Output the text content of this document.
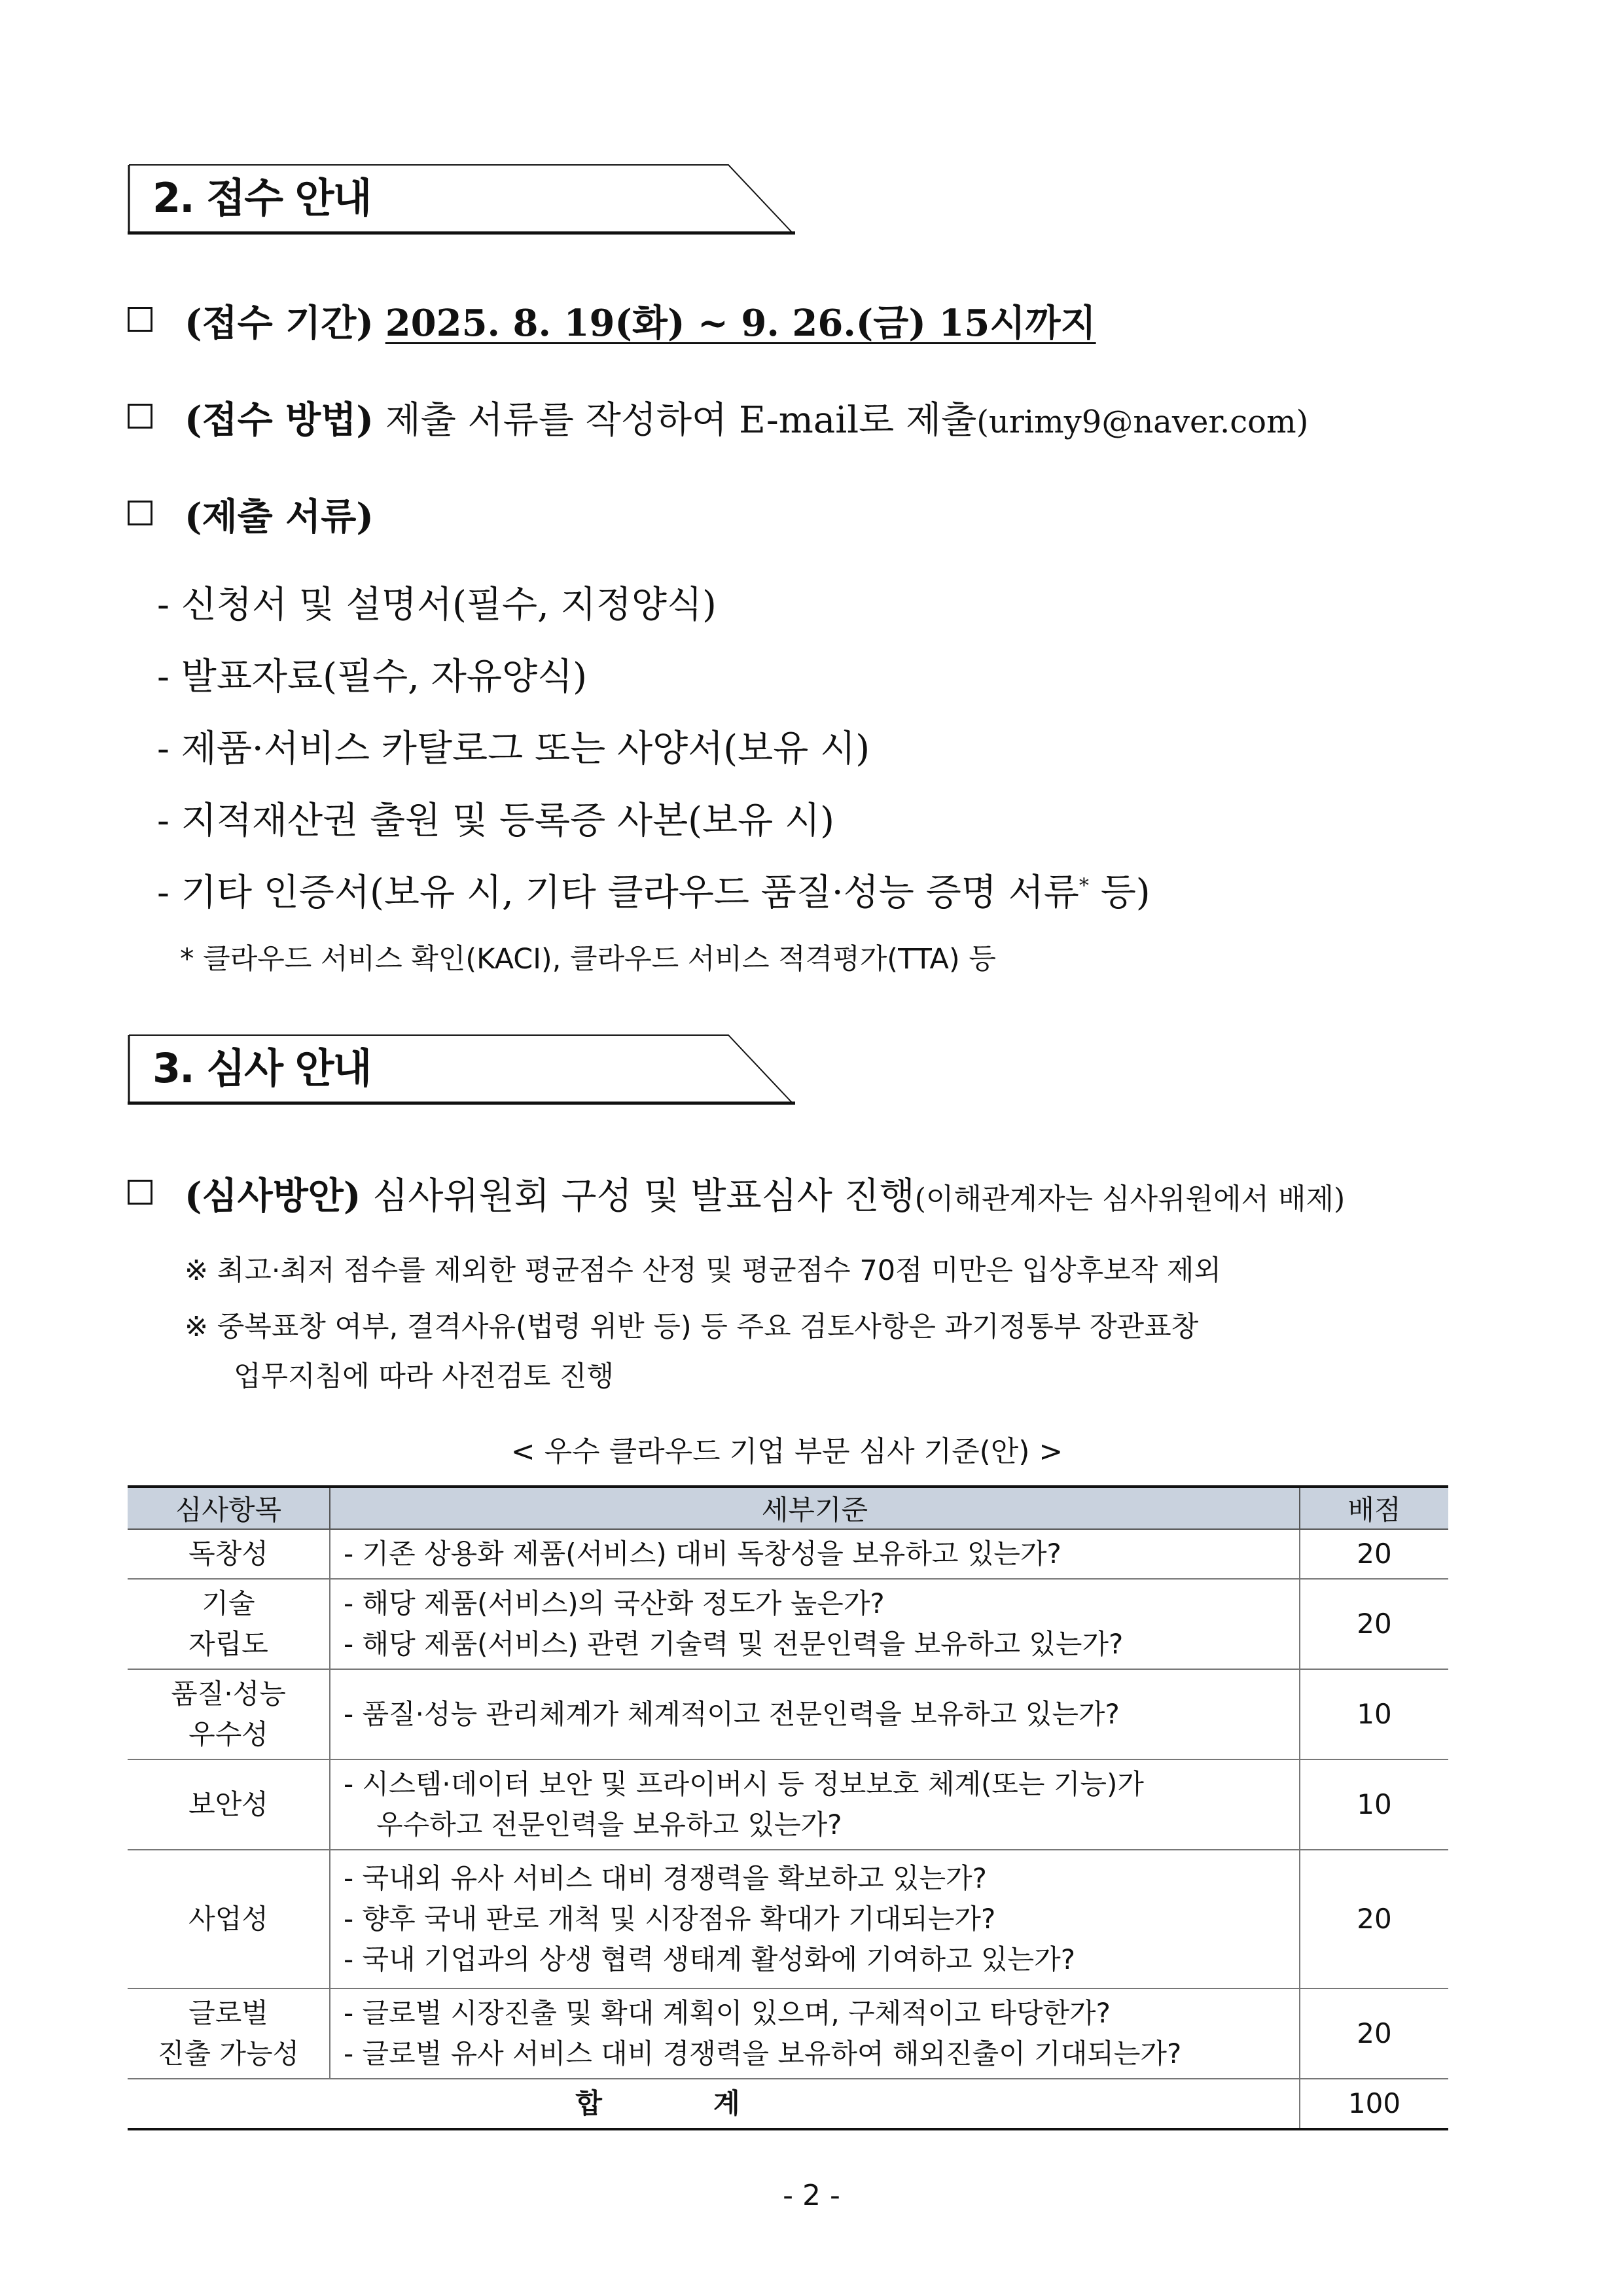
2. 접수 안내
(접수 기간) 2025. 8. 19(화) ~ 9. 26.(금) 15시까지
(접수 방법) 제출 서류를 작성하여 E-mail로 제출(urimy9@naver.com)
(제출 서류)
- 신청서 및 설명서(필수, 지정양식)
- 발표자료(필수, 자유양식)
- 제품·서비스 카탈로그 또는 사양서(보유 시)
- 지적재산권 출원 및 등록증 사본(보유 시)
- 기타 인증서(보유 시, 기타 클라우드 품질·성능 증명 서류* 등)
* 클라우드 서비스 확인(KACI), 클라우드 서비스 적격평가(TTA) 등
3. 심사 안내
(심사방안) 심사위원회 구성 및 발표심사 진행(이해관계자는 심사위원에서 배제)
※ 최고·최저 점수를 제외한 평균점수 산정 및 평균점수 70점 미만은 입상후보작 제외
※ 중복표창 여부, 결격사유(법령 위반 등) 등 주요 검토사항은 과기정통부 장관표창
업무지침에 따라 사전검토 진행
< 우수 클라우드 기업 부문 심사 기준(안) >
심사항목	세부기준	배점

독창성	- 기존 상용화 제품(서비스) 대비 독창성을 보유하고 있는가?	20

기술
자립도	- 해당 제품(서비스)의 국산화 정도가 높은가?
- 해당 제품(서비스) 관련 기술력 및 전문인력을 보유하고 있는가?	20

품질·성능
우수성	- 품질·성능 관리체계가 체계적이고 전문인력을 보유하고 있는가?	10

보안성	- 시스템·데이터 보안 및 프라이버시 등 정보보호 체계(또는 기능)가
우수하고 전문인력을 보유하고 있는가?	10

사업성	- 국내외 유사 서비스 대비 경쟁력을 확보하고 있는가?
- 향후 국내 판로 개척 및 시장점유 확대가 기대되는가?
- 국내 기업과의 상생 협력 생태계 활성화에 기여하고 있는가?	20

글로벌
진출 가능성	- 글로벌 시장진출 및 확대 계획이 있으며, 구체적이고 타당한가?
- 글로벌 유사 서비스 대비 경쟁력을 보유하여 해외진출이 기대되는가?	20
합계		100
- 2 -
